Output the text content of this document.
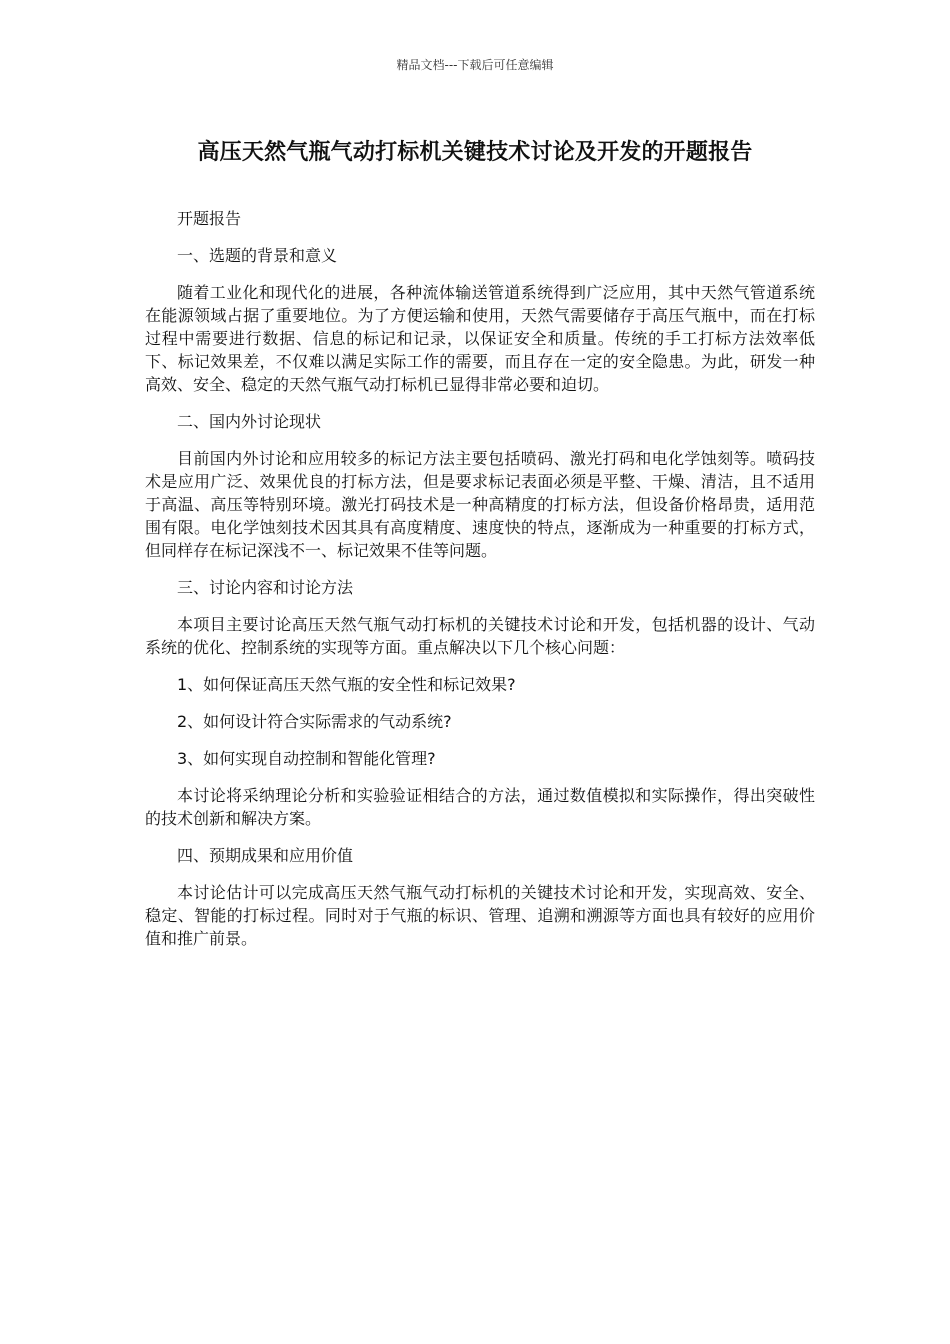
精品文档---下载后可任意编辑
高压天然气瓶气动打标机关键技术讨论及开发的开题报告

开题报告

一、选题的背景和意义

随着工业化和现代化的进展，各种流体输送管道系统得到广泛应用，其中天然气管道系统在能源领域占据了重要地位。为了方便运输和使用，天然气需要储存于高压气瓶中，而在打标过程中需要进行数据、信息的标记和记录，以保证安全和质量。传统的手工打标方法效率低下、标记效果差，不仅难以满足实际工作的需要，而且存在一定的安全隐患。为此，研发一种高效、安全、稳定的天然气瓶气动打标机已显得非常必要和迫切。

二、国内外讨论现状

目前国内外讨论和应用较多的标记方法主要包括喷码、激光打码和电化学蚀刻等。喷码技术是应用广泛、效果优良的打标方法，但是要求标记表面必须是平整、干燥、清洁，且不适用于高温、高压等特别环境。激光打码技术是一种高精度的打标方法，但设备价格昂贵，适用范围有限。电化学蚀刻技术因其具有高度精度、速度快的特点，逐渐成为一种重要的打标方式，但同样存在标记深浅不一、标记效果不佳等问题。

三、讨论内容和讨论方法

本项目主要讨论高压天然气瓶气动打标机的关键技术讨论和开发，包括机器的设计、气动系统的优化、控制系统的实现等方面。重点解决以下几个核心问题：

1、如何保证高压天然气瓶的安全性和标记效果?

2、如何设计符合实际需求的气动系统?

3、如何实现自动控制和智能化管理?

本讨论将采纳理论分析和实验验证相结合的方法，通过数值模拟和实际操作，得出突破性的技术创新和解决方案。

四、预期成果和应用价值

本讨论估计可以完成高压天然气瓶气动打标机的关键技术讨论和开发，实现高效、安全、稳定、智能的打标过程。同时对于气瓶的标识、管理、追溯和溯源等方面也具有较好的应用价值和推广前景。
